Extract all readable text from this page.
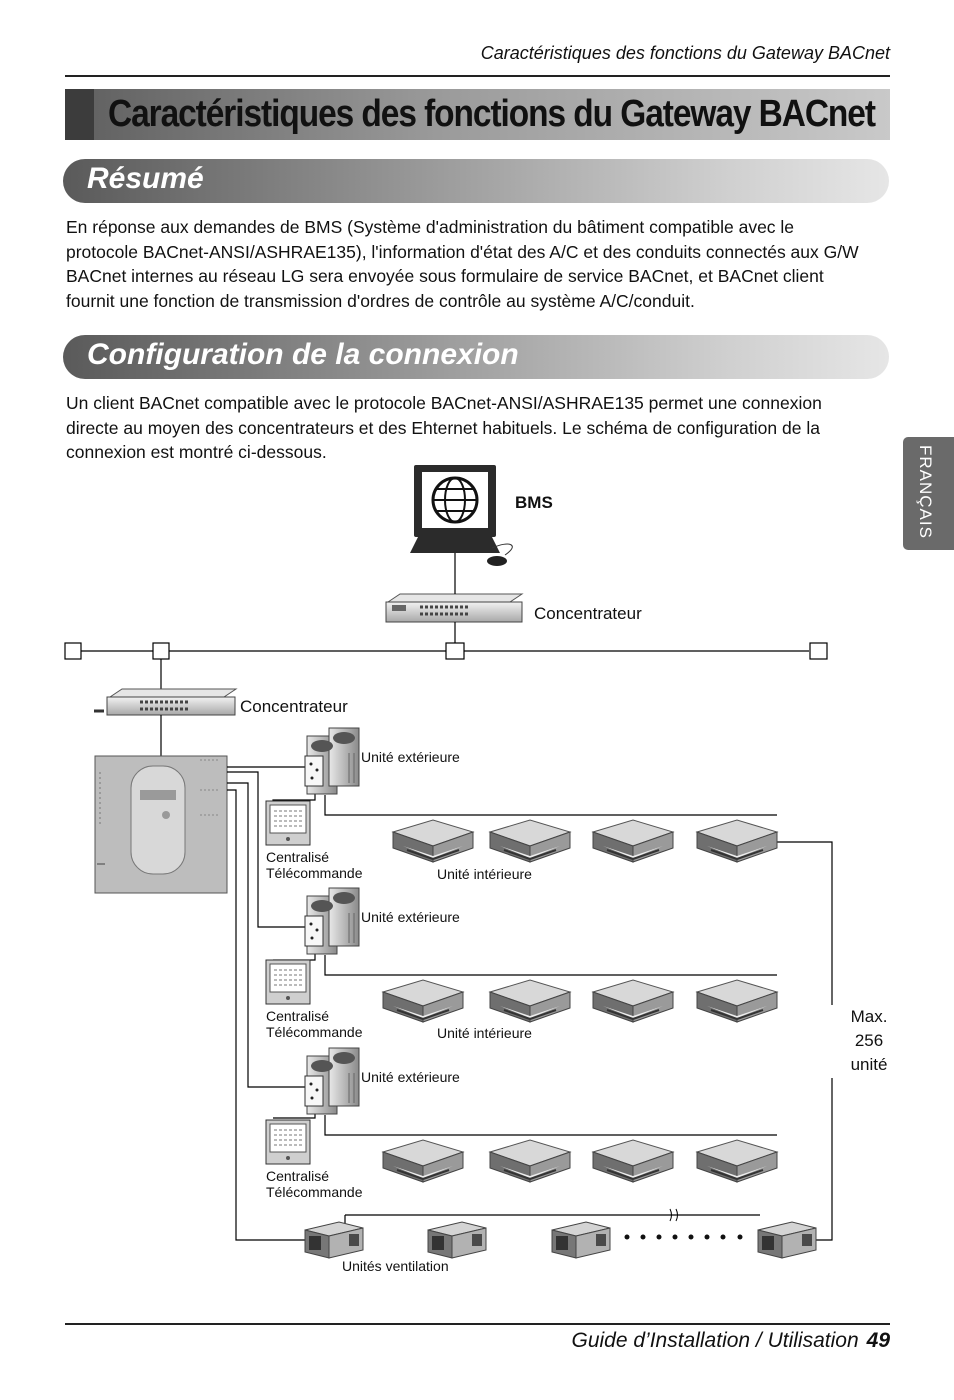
Caractéristiques des fonctions du Gateway BACnet
Caractéristiques des fonctions du Gateway BACnet
FRANÇAIS
Résumé
En réponse aux demandes de BMS (Système d'administration du bâtiment compatible avec le protocole BACnet-ANSI/ASHRAE135), l'information d'état des A/C et des conduits connectés aux G/W BACnet internes au réseau LG sera envoyée sous formulaire de service BACnet, et BACnet client fournit une fonction de transmission d'ordres de contrôle au système A/C/conduit.
Configuration de la connexion
Un client BACnet compatible avec le protocole BACnet-ANSI/ASHRAE135 permet une connexion directe au moyen des concentrateurs et des Ehternet habituels. Le schéma de configuration de la connexion est montré ci-dessous.
BMS
Concentrateur
Concentrateur
Unité extérieure
Unité extérieure
Unité extérieure
Centralisé
Télécommande
Centralisé
Télécommande
Centralisé
Télécommande
Unité intérieure
Unité intérieure
Unités ventilation
Max.
256
unité
Guide d’Installation / Utilisation 49
